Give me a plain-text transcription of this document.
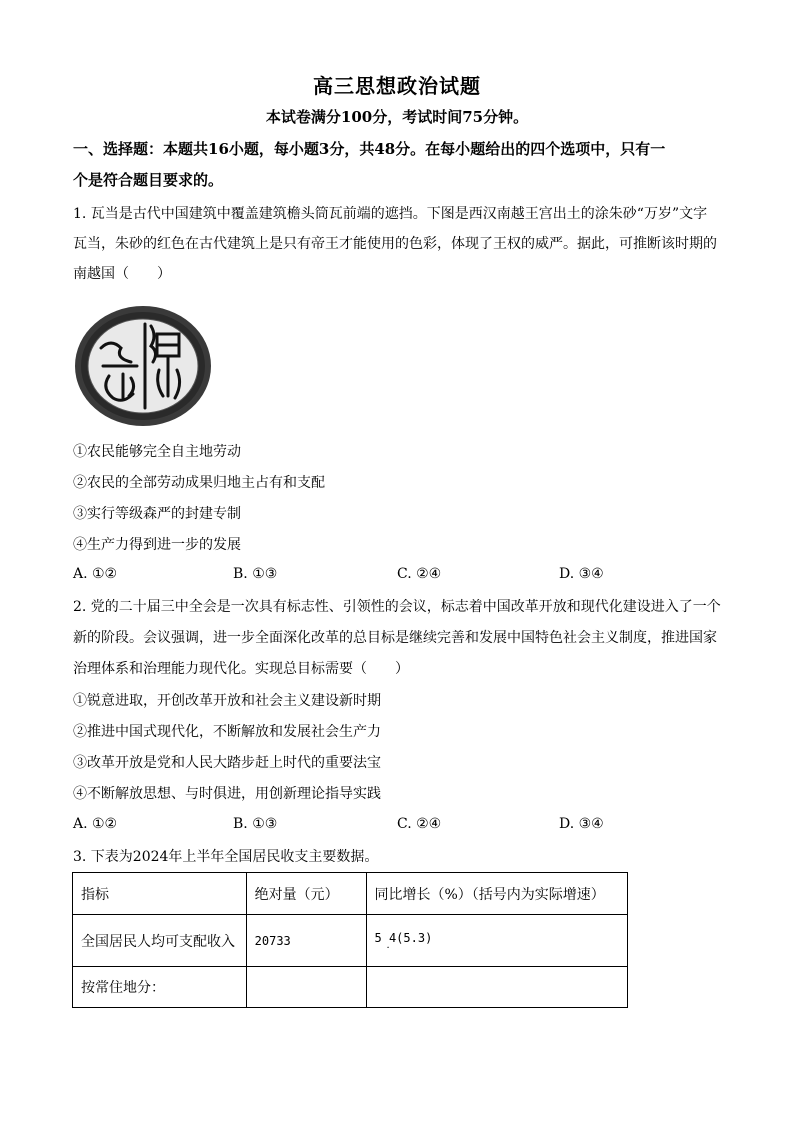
高三思想政治试题
本试卷满分100分，考试时间75分钟。
一、选择题：本题共16小题，每小题3分，共48分。在每小题给出的四个选项中，只有一
个是符合题目要求的。
1. 瓦当是古代中国建筑中覆盖建筑檐头筒瓦前端的遮挡。下图是西汉南越王宫出土的涂朱砂“万岁”文字
瓦当，朱砂的红色在古代建筑上是只有帝王才能使用的色彩，体现了王权的威严。据此，可推断该时期的
南越国（　　）
①农民能够完全自主地劳动
②农民的全部劳动成果归地主占有和支配
③实行等级森严的封建专制
④生产力得到进一步的发展
A. ①②	B. ①③	C. ②④	D. ③④
2. 党的二十届三中全会是一次具有标志性、引领性的会议，标志着中国改革开放和现代化建设进入了一个
新的阶段。会议强调，进一步全面深化改革的总目标是继续完善和发展中国特色社会主义制度，推进国家
治理体系和治理能力现代化。实现总目标需要（　　）
①锐意进取，开创改革开放和社会主义建设新时期
②推进中国式现代化，不断解放和发展社会生产力
③改革开放是党和人民大踏步赶上时代的重要法宝
④不断解放思想、与时俱进，用创新理论指导实践
A. ①②	B. ①③	C. ②④	D. ③④
3. 下表为2024年上半年全国居民收支主要数据。
指标	绝对量（元）	同比增长（%）（括号内为实际增速）
全国居民人均可支配收入	20733	5 4(5.3)
·

按常住地分：		
